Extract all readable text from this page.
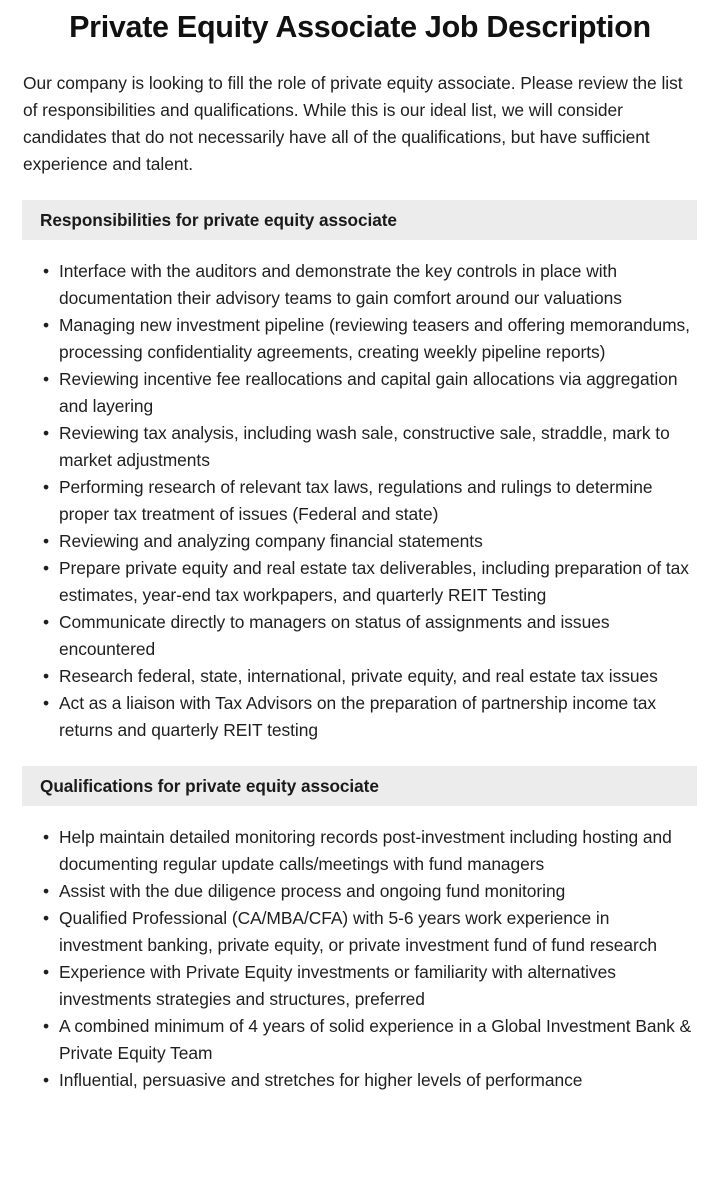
Private Equity Associate Job Description

Our company is looking to fill the role of private equity associate. Please review the list of responsibilities and qualifications. While this is our ideal list, we will consider candidates that do not necessarily have all of the qualifications, but have sufficient experience and talent.

Responsibilities for private equity associate
• Interface with the auditors and demonstrate the key controls in place with documentation their advisory teams to gain comfort around our valuations
• Managing new investment pipeline (reviewing teasers and offering memorandums, processing confidentiality agreements, creating weekly pipeline reports)
• Reviewing incentive fee reallocations and capital gain allocations via aggregation and layering
• Reviewing tax analysis, including wash sale, constructive sale, straddle, mark to market adjustments
• Performing research of relevant tax laws, regulations and rulings to determine proper tax treatment of issues (Federal and state)
• Reviewing and analyzing company financial statements
• Prepare private equity and real estate tax deliverables, including preparation of tax estimates, year-end tax workpapers, and quarterly REIT Testing
• Communicate directly to managers on status of assignments and issues encountered
• Research federal, state, international, private equity, and real estate tax issues
• Act as a liaison with Tax Advisors on the preparation of partnership income tax returns and quarterly REIT testing
Qualifications for private equity associate
• Help maintain detailed monitoring records post-investment including hosting and documenting regular update calls/meetings with fund managers
• Assist with the due diligence process and ongoing fund monitoring
• Qualified Professional (CA/MBA/CFA) with 5-6 years work experience in investment banking, private equity, or private investment fund of fund research
• Experience with Private Equity investments or familiarity with alternatives investments strategies and structures, preferred
• A combined minimum of 4 years of solid experience in a Global Investment Bank & Private Equity Team
• Influential, persuasive and stretches for higher levels of performance
